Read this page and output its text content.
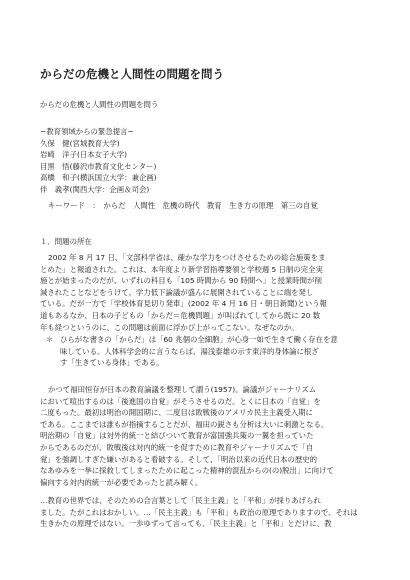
からだの危機と人間性の問題を問う
からだの危機と人間性の問題を問う
−教育領域からの緊急提言−
久保　健(宮城教育大学)
岩崎　洋子(日本女子大学)
目黒　悟(藤沢市教育文化センター)
高橋　和子(横浜国立大学：兼企画)
伴　義孝(関西大学：企画＆司会)
キーワード　：　からだ　人間性　危機の時代　教育　生き方の原理　第三の自覚
１．問題の所在
2002 年 8 月 17 日、「文部科学省は、確かな学力をつけさせるための総合施策をま
とめた」と報道された。これは、本年度より新学習指導要領と学校週 5 日制の完全実
施とが始まったのだが、いずれの科目も「105 時間から 90 時間へ」と授業時間が削
減されたことなどをうけて、学力低下論議が盛んに展開されていることに端を発し
ている。だが一方で「学校体育見切り発車」(2002 年 4 月 16 日・朝日新聞)という報
道もあるなか、日本の子どもの「からだ＝危機問題」が叫ばれてしてから既に 20 数
年も経つというのに、この問題は前面に浮かび上がってこない。なぜなのか。
＊ ひらがな書きの「からだ」は「60 兆個の全細胞」が心身一如で生きて働く存在を意
味している。人体科学会的に言うならば、湯浅泰雄の示す東洋的身体論に根ざ
す「生きている身体」である。
かつて福田恒存が日本の教育論議を整理して謂う(1957)。論議がジャーナリズム
において喧出するのは「後進国の自覚」がそうさせるのだ。とくに日本の「自覚」を
二度もった。最初は明治の開国期に、二度目は敗戦後のアメリカ民主主義受入期に
である。ここまでは誰もが指摘することだが、福田の鋭さも分析は大いに刺激となる。
明治期の「自覚」は対外的統一と結びついて教育が富国強兵策の一翼を担っていた
からであるのだが、敗戦後は対内的統一を促すために教育やジャーナリズムで「自
覚」を強調しすぎた嫌いがあると看破する。そして、「明治以来の近代日本の歴史的
なあゆみを一挙に採救してしまったために起こった精神的混乱からの(の)脱出」に向けて
偏向する対内的統一が必要であったと読み解く。
…教育の世界では、そのための合言葉として「民主主義」と「平和」が採りあげられ
ました。たがこれはおかしい。…「民主主義」も「平和」も政治の原理でありますので、それは
生きかたの原理ではない。一歩ゆずって言っても、「民主主義」と「平和」とだけに、教
